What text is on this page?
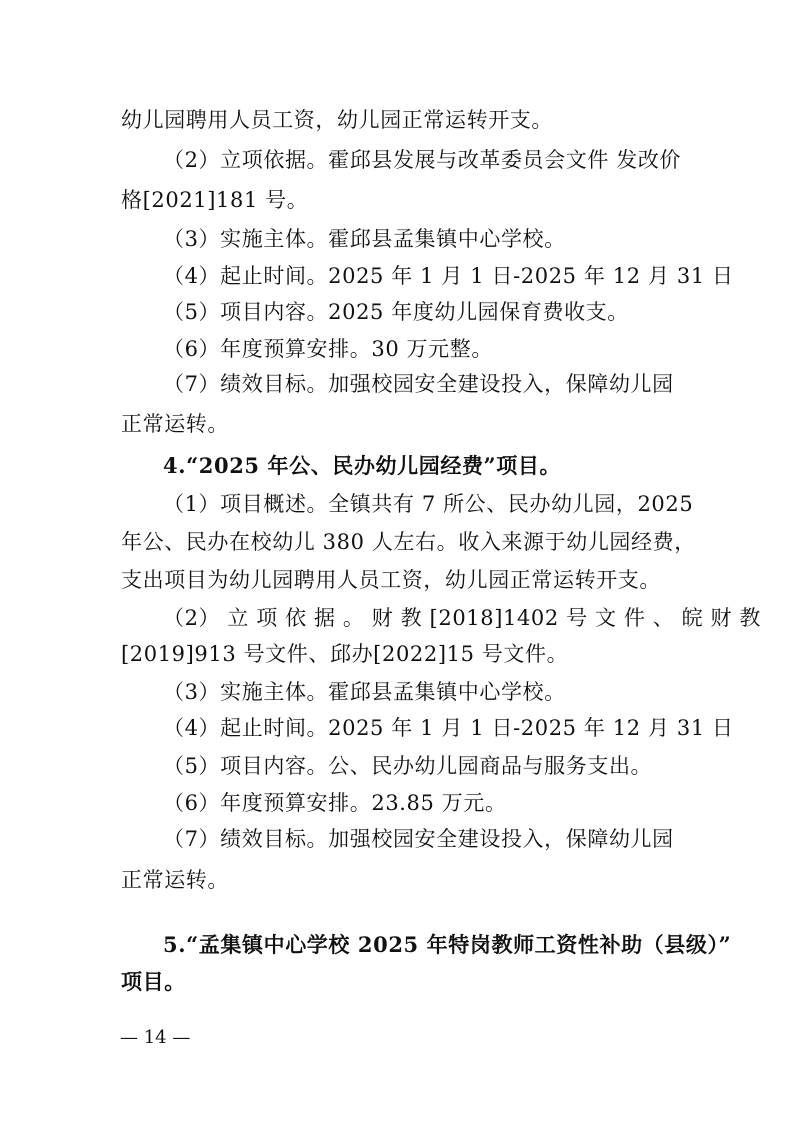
幼儿园聘用人员工资，幼儿园正常运转开支。
（2）立项依据。霍邱县发展与改革委员会文件 发改价
格[2021]181 号。
（3）实施主体。霍邱县孟集镇中心学校。
（4）起止时间。2025 年 1 月 1 日-2025 年 12 月 31 日
（5）项目内容。2025 年度幼儿园保育费收支。
（6）年度预算安排。30 万元整。
（7）绩效目标。加强校园安全建设投入，保障幼儿园
正常运转。
4.“2025 年公、民办幼儿园经费”项目。
（1）项目概述。全镇共有 7 所公、民办幼儿园，2025
年公、民办在校幼儿 380 人左右。收入来源于幼儿园经费，
支出项目为幼儿园聘用人员工资，幼儿园正常运转开支。
（2） 立 项 依 据 。 财 教 [2018]1402 号 文 件 、 皖 财 教
[2019]913 号文件、邱办[2022]15 号文件。
（3）实施主体。霍邱县孟集镇中心学校。
（4）起止时间。2025 年 1 月 1 日-2025 年 12 月 31 日
（5）项目内容。公、民办幼儿园商品与服务支出。
（6）年度预算安排。23.85 万元。
（7）绩效目标。加强校园安全建设投入，保障幼儿园
正常运转。
5.“孟集镇中心学校 2025 年特岗教师工资性补助（县级）”
项目。
— 14 —
